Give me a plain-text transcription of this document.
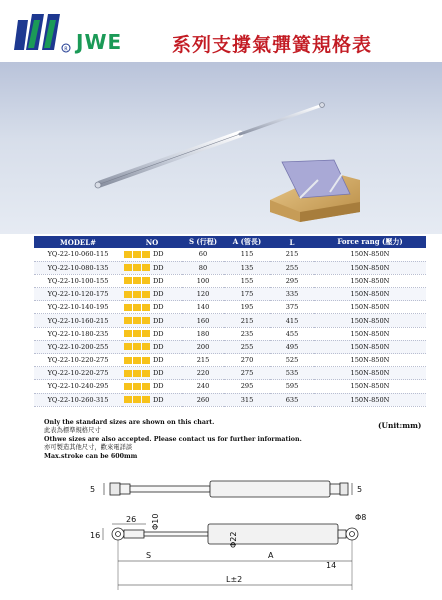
R JWE	系列支撐氣彈簧規格表
MODEL#	NO	S (行程)	A (管長)	L	Force rang (壓力)
YQ-22-10-060-115	DD	60	115	215	150N-850N
YQ-22-10-080-135	DD	80	135	255	150N-850N
YQ-22-10-100-155	DD	100	155	295	150N-850N
YQ-22-10-120-175	DD	120	175	335	150N-850N
YQ-22-10-140-195	DD	140	195	375	150N-850N
YQ-22-10-160-215	DD	160	215	415	150N-850N
YQ-22-10-180-235	DD	180	235	455	150N-850N
YQ-22-10-200-255	DD	200	255	495	150N-850N
YQ-22-10-220-275	DD	215	270	525	150N-850N
YQ-22-10-220-275	DD	220	275	535	150N-850N
YQ-22-10-240-295	DD	240	295	595	150N-850N
YQ-22-10-260-315	DD	260	315	635	150N-850N
Only the standard sizes are shown on this chart.
此表為標準規格尺寸
Othwe sizes are also accepted. Please contact us for further information.
亦可製造其他尺寸，歡來電詳談
Max.stroke can be 600mm
(Unit:mm)
5	5
26 Φ10	Φ8
16	Φ22
S	A
14
L±2
